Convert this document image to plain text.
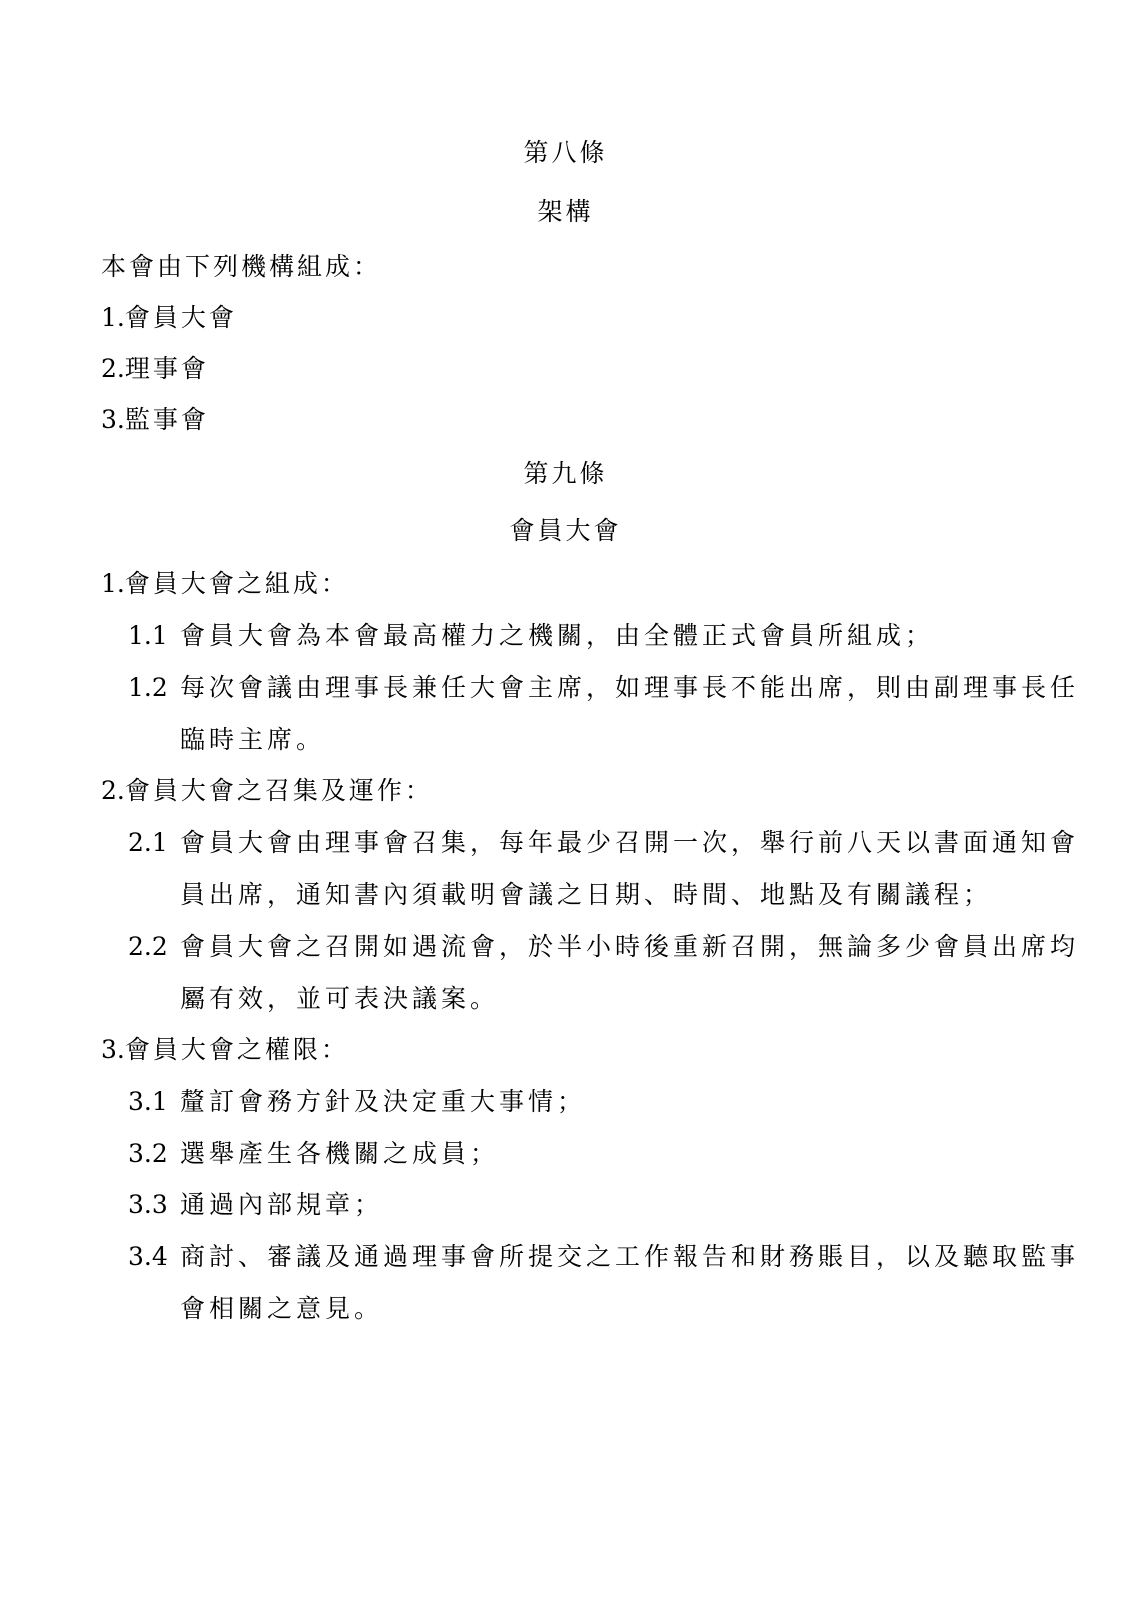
第八條
架構
本會由下列機構組成：
1.會員大會
2.理事會
3.監事會
第九條
會員大會
1.會員大會之組成：
1.1 會員大會為本會最高權力之機關，由全體正式會員所組成；
1.2 每次會議由理事長兼任大會主席，如理事長不能出席，則由副理事長任
臨時主席。
2.會員大會之召集及運作：
2.1 會員大會由理事會召集，每年最少召開一次，舉行前八天以書面通知會
員出席，通知書內須載明會議之日期、時間、地點及有關議程；
2.2 會員大會之召開如遇流會，於半小時後重新召開，無論多少會員出席均
屬有效，並可表決議案。
3.會員大會之權限：
3.1 釐訂會務方針及決定重大事情；
3.2 選舉產生各機關之成員；
3.3 通過內部規章；
3.4 商討、審議及通過理事會所提交之工作報告和財務賬目，以及聽取監事
會相關之意見。
